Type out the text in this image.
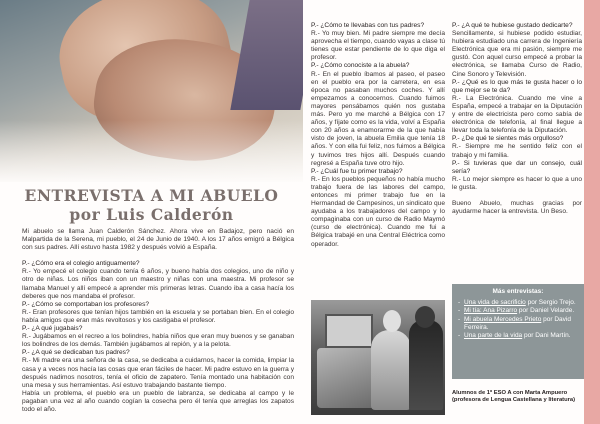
ENTREVISTA A MI ABUELO
por Luis Calderón

Mi abuelo se llama Juan Calderón Sánchez. Ahora vive en Badajoz, pero nació en Malpartida de la Serena, mi pueblo, el 24 de Junio de 1940. A los 17 años emigró a Bélgica con sus padres. Allí estuvo hasta 1982 y después volvió a España.

P.- ¿Cómo era el colegio antiguamente?

R.- Yo empecé el colegio cuando tenía 6 años, y bueno había dos colegios, uno de niño y otro de niñas. Los niños iban con un maestro y niñas con una maestra. Mi profesor se llamaba Manuel y allí empecé a aprender mis primeras letras. Cuando iba a casa hacía los deberes que nos mandaba el profesor.

P.- ¿Cómo se comportaban los profesores?

R.- Eran profesores que tenían hijos también en la escuela y se portaban bien. En el colegio había amigos que eran más revoltosos y los castigaba el profesor.

P.- ¿A qué jugabais?

R.- Jugábamos en el recreo a los bolindres, había niños que eran muy buenos y se ganaban los bolindres de los demás. También jugábamos al repión, y a la pelota.

P.- ¿A qué se dedicaban tus padres?

R.- Mi madre era una señora de la casa, se dedicaba a cuidarnos, hacer la comida, limpiar la casa y a veces nos hacía las cosas que eran fáciles de hacer. Mi padre estuvo en la guerra y después nadimos nosotros, tenía el oficio de zapatero. Tenía montado una habitación con una mesa y sus herramientas. Así estuvo trabajando bastante tiempo.

Había un problema, el pueblo era un pueblo de labranza, se dedicaba al campo y le pagaban una vez al año cuando cogían la cosecha pero él tenía que arreglas los zapatos todo el año.

P.- ¿Cómo te llevabas con tus padres?

R.- Yo muy bien. Mi padre siempre me decía aprovecha el tiempo, cuando vayas a clase tú tienes que estar pendiente de lo que diga el profesor.

P.- ¿Cómo conociste a la abuela?

R.- En el pueblo íbamos al paseo, el paseo en el pueblo era por la carretera, en esa época no pasaban muchos coches. Y allí empezamos a conocernos. Cuando fuimos mayores pensábamos quién nos gustaba más. Pero yo me marché a Bélgica con 17 años, y fíjate como es la vida, volví a España con 20 años a enamorarme de la que había visto de joven, la abuela Emilia que tenía 18 años. Y con ella fui feliz, nos fuimos a Bélgica y tuvimos tres hijos allí. Después cuando regresé a España tuve otro hijo.

P.- ¿Cuál fue tu primer trabajo?

R.- En los pueblos pequeños no había mucho trabajo fuera de las labores del campo, entonces mi primer trabajo fue en la Hermandad de Campesinos, un sindicato que ayudaba a los trabajadores del campo y lo compaginaba con un curso de Radio Maymó (curso de electrónica). Cuando me fui a Bélgica trabajé en una Central Eléctrica como operador.

P.- ¿A qué te hubiese gustado dedicarte?

Sencillamente, si hubiese podido estudiar, hubiera estudiado una carrera de Ingeniería Electrónica que era mi pasión, siempre me gustó. Con aquel curso empecé a probar la electrónica, se llamaba Curso de Radio, Cine Sonoro y Televisión.

P.- ¿Qué es lo que más te gusta hacer o lo que mejor se te da?

R.- La Electrónica. Cuando me vine a España, empecé a trabajar en la Diputación y entre de electricista pero como sabía de electrónica de telefonía, al final llegue a llevar toda la telefonía de la Diputación.

P.- ¿De qué te sientes más orgulloso?

R.- Siempre me he sentido feliz con el trabajo y mi familia.

P.- Si tuvieras que dar un consejo, cuál sería?

R.- Lo mejor siempre es hacer lo que a uno le gusta.

Bueno Abuelo, muchas gracias por ayudarme hacer la entrevista. Un Beso.

Más entrevistas:
- Una vida de sacrificio por Sergio Trejo.
- Mi tía: Ana Pizarro por Daniel Velarde.
- Mi abuela Mercedes Prieto por David Ferreira.
- Una parte de la vida por Dani Martín.
Alumnos de 1º ESO A con Marta Ampuero (profesora de Lengua Castellana y literatura)
